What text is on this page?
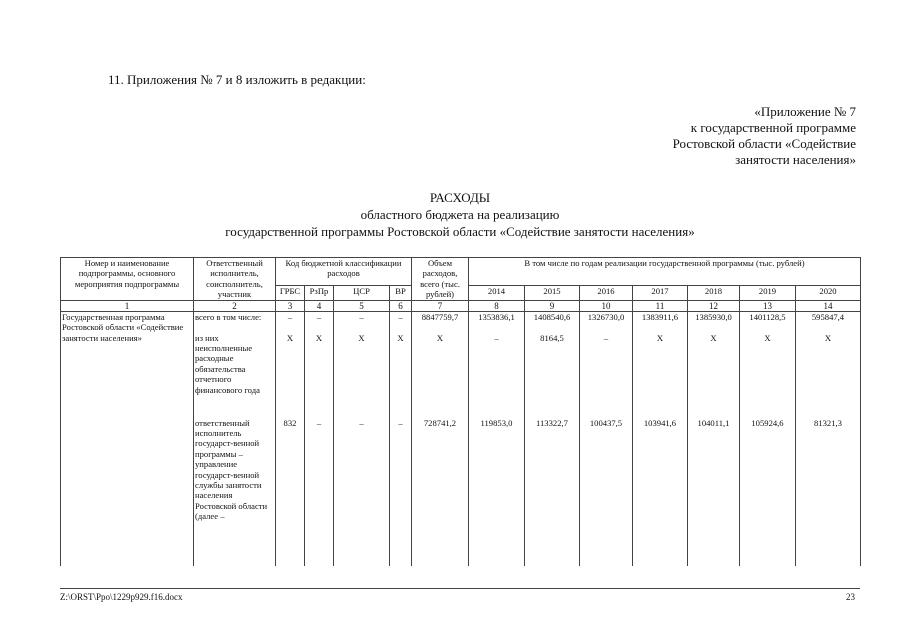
11. Приложения № 7 и 8 изложить в редакции:
«Приложение № 7
к государственной программе
Ростовской области «Содействие
занятости населения»
РАСХОДЫ
областного бюджета на реализацию
государственной программы Ростовской области «Содействие занятости населения»
Номер и наименование подпрограммы, основного мероприятия подпрограммы	Ответственный исполнитель, соисполнитель, участник	Код бюджетной классификации расходов				Объем расходов, всего (тыс. рублей)	В том числе по годам реализации государственной программы (тыс. рублей)						
		ГРБС	РзПр	ЦСР	ВР		2014	2015	2016	2017	2018	2019	2020
1	2	3	4	5	6	7	8	9	10	11	12	13	14
Государственная программа Ростовской области «Содействие занятости населения»	всего в том числе:	–	–	–	–	8847759,7	1353836,1	1408540,6	1326730,0	1383911,6	1385930,0	1401128,5	595847,4
	из них неисполненные расходные обязательства отчетного финансового года	X	X	X	X	X	–	8164,5	–	X	X	X	X
	ответственный исполнитель государст-венной программы – управление государст-венной службы занятости населения Ростовской области (далее –	832	–	–	–	728741,2	119853,0	113322,7	100437,5	103941,6	104011,1	105924,6	81321,3
Z:\ORST\Ppo\1229p929.f16.docx	23
